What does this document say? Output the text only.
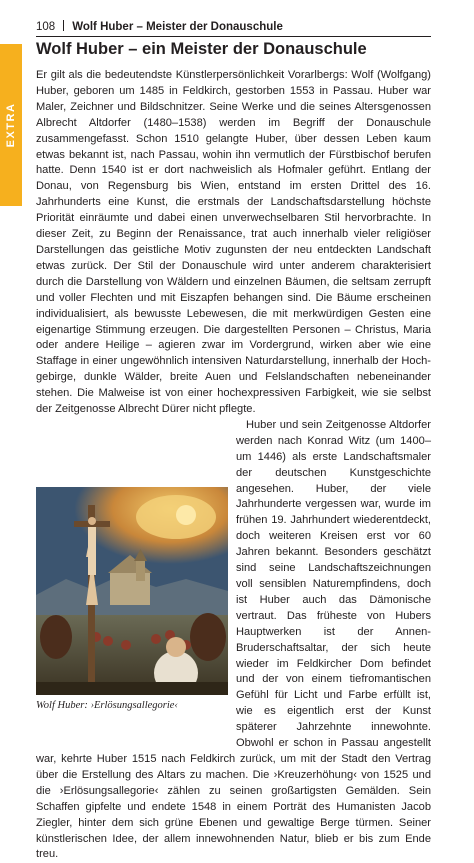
108 Wolf Huber – Meister der Donauschule
EXTRA
Wolf Huber – ein Meister der Donauschule

Er gilt als die bedeutendste Künstlerpersönlichkeit Vorarlbergs: Wolf (Wolfgang) Huber, geboren um 1485 in Feldkirch, gestorben 1553 in Passau. Huber war Maler, Zeichner und Bildschnitzer. Seine Werke und die seines Altersgenossen Albrecht Altdorfer (1480–1538) werden im Begriff der Donauschule zusammengefasst. Schon 1510 gelangte Huber, über dessen Leben kaum etwas bekannt ist, nach Passau, wohin ihn vermutlich der Fürstbischof berufen hatte. Denn 1540 ist er dort nachweislich als Hofmaler geführt. Entlang der Donau, von Regensburg bis Wien, entstand im ersten Drittel des 16. Jahrhunderts eine Kunst, die erstmals der Landschaftsdarstellung höchste Priorität einräumte und dabei einen unverwechselbaren Stil hervorbrachte. In dieser Zeit, zu Beginn der Renaissance, trat auch innerhalb vieler religiöser Darstellungen das geistliche Motiv zugunsten der neu entdeckten Landschaft etwas zurück. Der Stil der Donauschule wird unter anderem charakterisiert durch die Darstellung von Wäldern und einzelnen Bäumen, die seltsam zerrupft und voller Flechten und mit Eiszapfen behangen sind. Die Bäume erscheinen individualisiert, als bewusste Lebewesen, die mit merkwürdigen Gesten eine eigenartige Stimmung erzeugen. Die dargestellten Personen – Christus, Maria oder andere Heilige – agieren zwar im Vordergrund, wirken aber wie eine Staffage in einer ungewöhnlich intensiven Naturdarstellung, innerhalb der Hochgebirge, dunkle Wälder, breite Auen und Felslandschaften nebeneinander stehen. Die Malweise ist von einer hochexpressiven Farbigkeit, wie sie selbst der Zeitgenosse Albrecht Dürer nicht pflegte.

Huber und sein Zeitgenosse Altdorfer werden nach Konrad Witz (um 1400– um 1446) als erste Landschaftsmaler der deutschen Kunstgeschichte angesehen. Huber, der viele Jahrhunderte vergessen war, wurde im frühen 19. Jahrhundert wiederentdeckt, doch weiteren Kreisen erst vor 60 Jahren bekannt. Besonders geschätzt sind seine Landschaftszeichnungen voll sensiblen Naturempfindens, doch ist Huber auch das Dämonische vertraut. Das früheste von Hubers Hauptwerken ist der Annen-Bruderschaftsaltar, der sich heute wieder im Feldkircher Dom befindet und der von einem tiefromantischen Gefühl für Licht und Farbe erfüllt ist, wie es eigentlich erst der Kunst späterer Jahrzehnte innewohnte. Obwohl er schon in Passau angestellt war, kehrte Huber 1515 nach Feldkirch zurück, um mit der Stadt den Vertrag über die Erstellung des Altars zu machen. Die ›Kreuzerhöhung‹ von 1525 und die ›Erlösungsallegorie‹ zählen zu seinen großartigsten Gemälden. Sein Schaffen gipfelte und endete 1548 in einem Porträt des Humanisten Jacob Ziegler, hinter dem sich grüne Ebenen und gewaltige Berge türmen. Seiner künstlerischen Idee, der allem innewohnenden Natur, blieb er bis zum Ende treu.

Wolf Huber: ›Erlösungsallegorie‹
